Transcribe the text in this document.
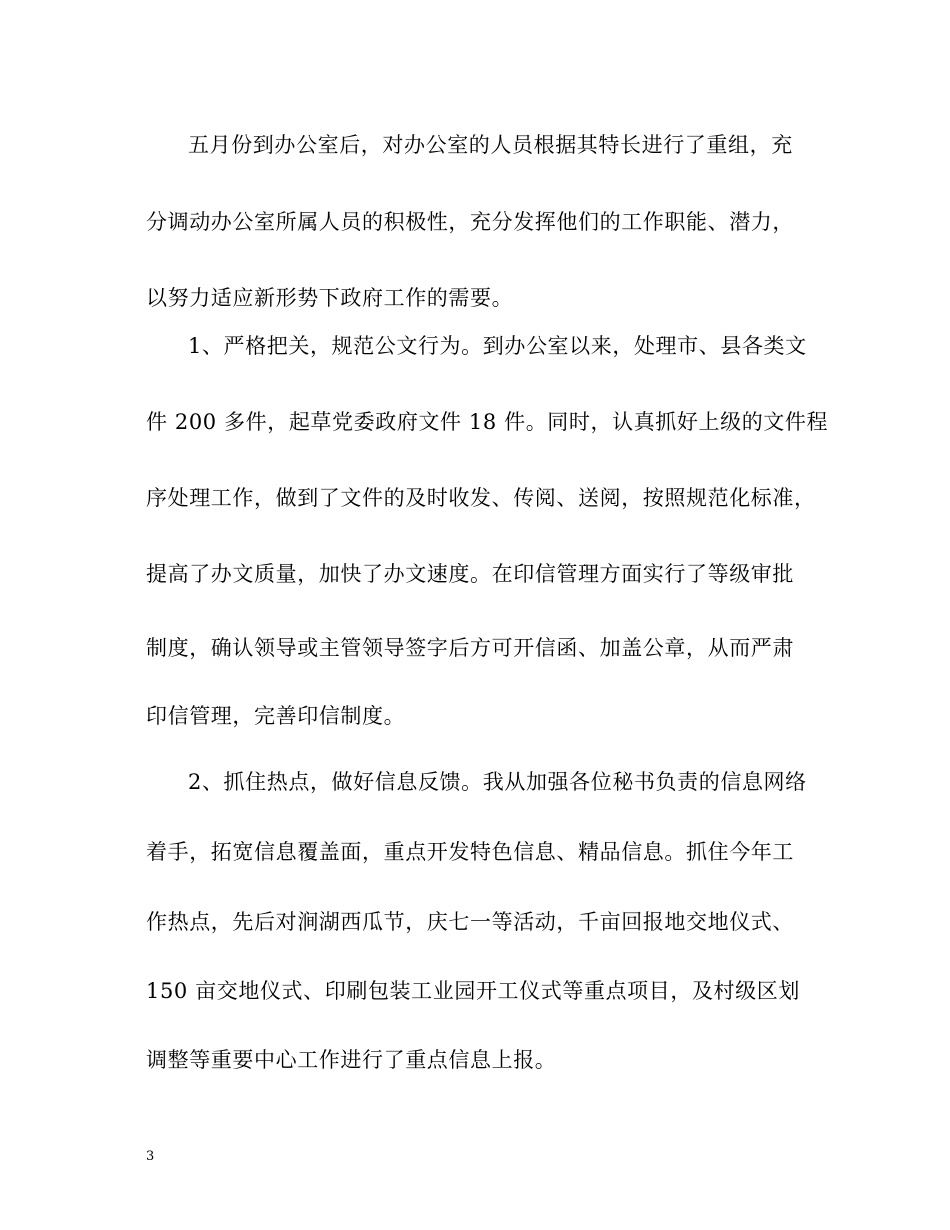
五月份到办公室后，对办公室的人员根据其特长进行了重组，充
分调动办公室所属人员的积极性，充分发挥他们的工作职能、潜力，
以努力适应新形势下政府工作的需要。
1、严格把关，规范公文行为。到办公室以来，处理市、县各类文
件 200 多件，起草党委政府文件 18 件。同时，认真抓好上级的文件程
序处理工作，做到了文件的及时收发、传阅、送阅，按照规范化标准，
提高了办文质量，加快了办文速度。在印信管理方面实行了等级审批
制度，确认领导或主管领导签字后方可开信函、加盖公章，从而严肃
印信管理，完善印信制度。
2、抓住热点，做好信息反馈。我从加强各位秘书负责的信息网络
着手，拓宽信息覆盖面，重点开发特色信息、精品信息。抓住今年工
作热点，先后对涧湖西瓜节，庆七一等活动，千亩回报地交地仪式、
150 亩交地仪式、印刷包装工业园开工仪式等重点项目，及村级区划
调整等重要中心工作进行了重点信息上报。
3
